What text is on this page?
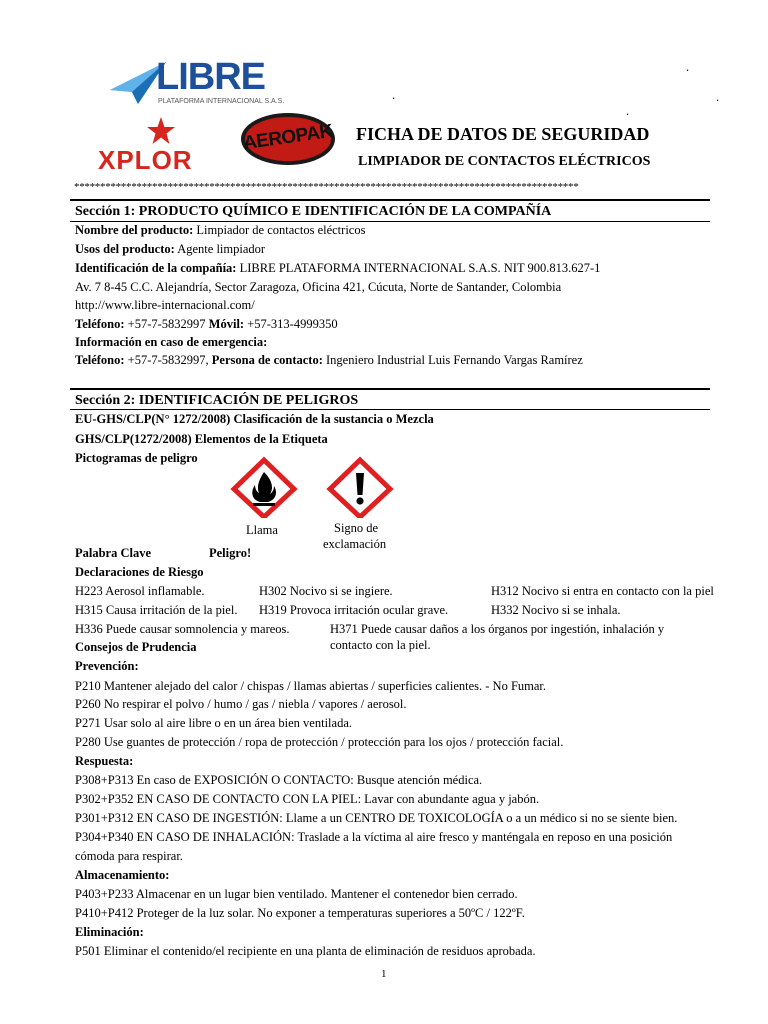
LIBRE
PLATAFORMA INTERNACIONAL S.A.S.
XPLOR
AEROPAK
.
.
.
.
FICHA DE DATOS DE SEGURIDAD
LIMPIADOR DE CONTACTOS ELÉCTRICOS
*************************************************************************************************
Sección 1: PRODUCTO QUÍMICO E IDENTIFICACIÓN DE LA COMPAÑÍA
Nombre del producto: Limpiador de contactos eléctricos
Usos del producto: Agente limpiador
Identificación de la compañía: LIBRE PLATAFORMA INTERNACIONAL S.A.S. NIT 900.813.627-1
Av. 7 8-45 C.C. Alejandría, Sector Zaragoza, Oficina 421, Cúcuta, Norte de Santander, Colombia
http://www.libre-internacional.com/
Teléfono: +57-7-5832997 Móvil: +57-313-4999350
Información en caso de emergencia:
Teléfono: +57-7-5832997, Persona de contacto: Ingeniero Industrial Luis Fernando Vargas Ramírez
Sección 2: IDENTIFICACIÓN DE PELIGROS
EU-GHS/CLP(N° 1272/2008) Clasificación de la sustancia o Mezcla
GHS/CLP(1272/2008) Elementos de la Etiqueta
Pictogramas de peligro
Llama	Signo de
exclamación
Palabra Clave	Peligro!
Declaraciones de Riesgo
H223 Aerosol inflamable.	H302 Nocivo si se ingiere.	H312 Nocivo si entra en contacto con la piel
H315 Causa irritación de la piel. H319 Provoca irritación ocular grave.	H332 Nocivo si se inhala.
H336 Puede causar somnolencia y mareos.	H371 Puede causar daños a los órganos por ingestión, inhalación y
contacto con la piel.
Consejos de Prudencia
Prevención:
P210 Mantener alejado del calor / chispas / llamas abiertas / superficies calientes. - No Fumar.
P260 No respirar el polvo / humo / gas / niebla / vapores / aerosol.
P271 Usar solo al aire libre o en un área bien ventilada.
P280 Use guantes de protección / ropa de protección / protección para los ojos / protección facial.
Respuesta:
P308+P313 En caso de EXPOSICIÓN O CONTACTO: Busque atención médica.
P302+P352 EN CASO DE CONTACTO CON LA PIEL: Lavar con abundante agua y jabón.
P301+P312 EN CASO DE INGESTIÓN: Llame a un CENTRO DE TOXICOLOGÍA o a un médico si no se siente bien.
P304+P340 EN CASO DE INHALACIÓN: Traslade a la víctima al aire fresco y manténgala en reposo en una posición
cómoda para respirar.
Almacenamiento:
P403+P233 Almacenar en un lugar bien ventilado. Mantener el contenedor bien cerrado.
P410+P412 Proteger de la luz solar. No exponer a temperaturas superiores a 50ºC / 122ºF.
Eliminación:
P501 Eliminar el contenido/el recipiente en una planta de eliminación de residuos aprobada.
1
